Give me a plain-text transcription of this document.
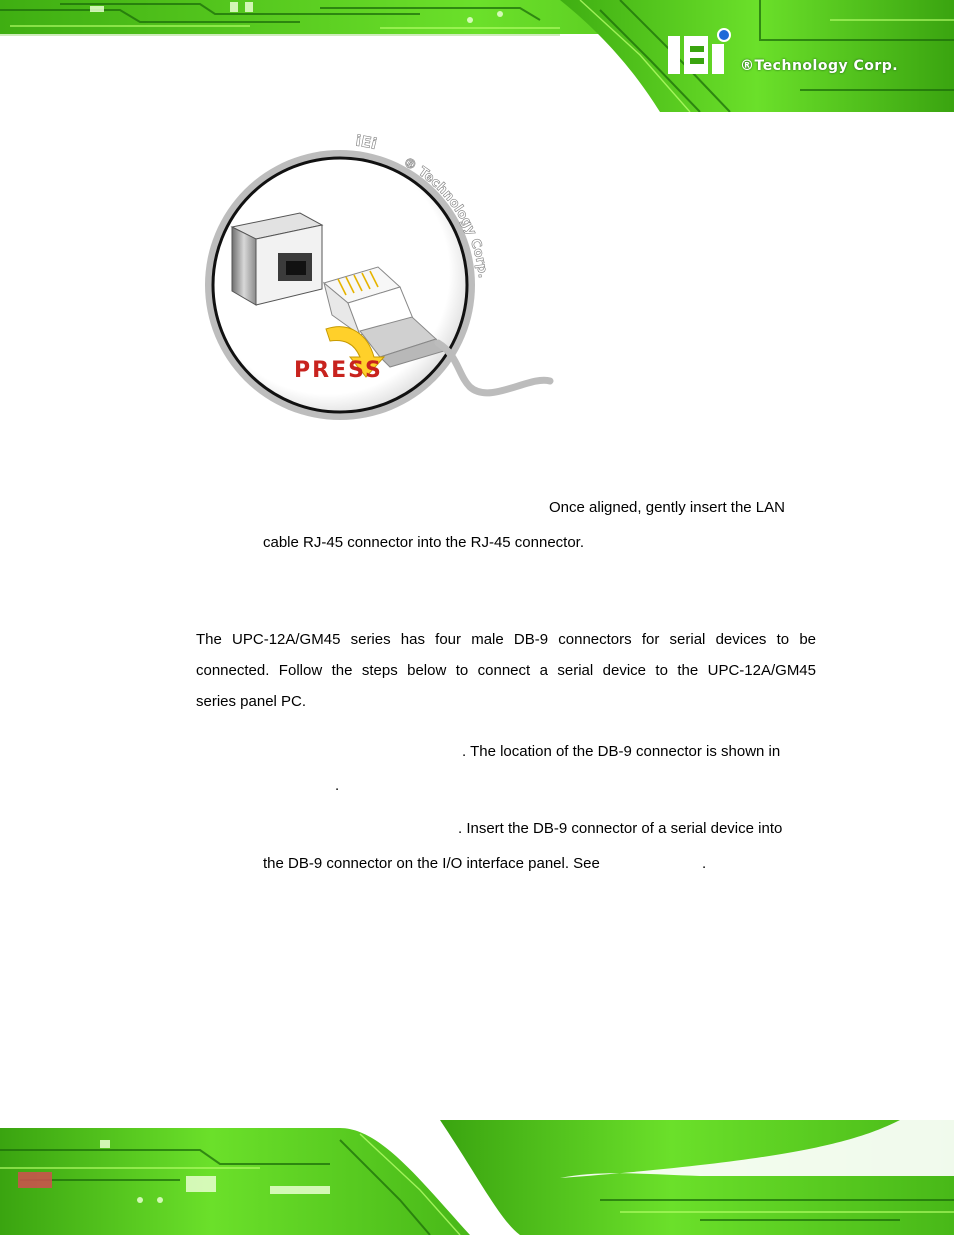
®Technology Corp.
iEi
® Technology Corp.
PRESS
Once aligned, gently insert the LAN
cable RJ-45 connector into the RJ-45 connector.
The UPC-12A/GM45 series has four male DB-9 connectors for serial devices to be
connected. Follow the steps below to connect a serial device to the UPC-12A/GM45
series panel PC.
. The location of the DB-9 connector is shown in
.
. Insert the DB-9 connector of a serial device into
the DB-9 connector on the I/O interface panel. See	.
